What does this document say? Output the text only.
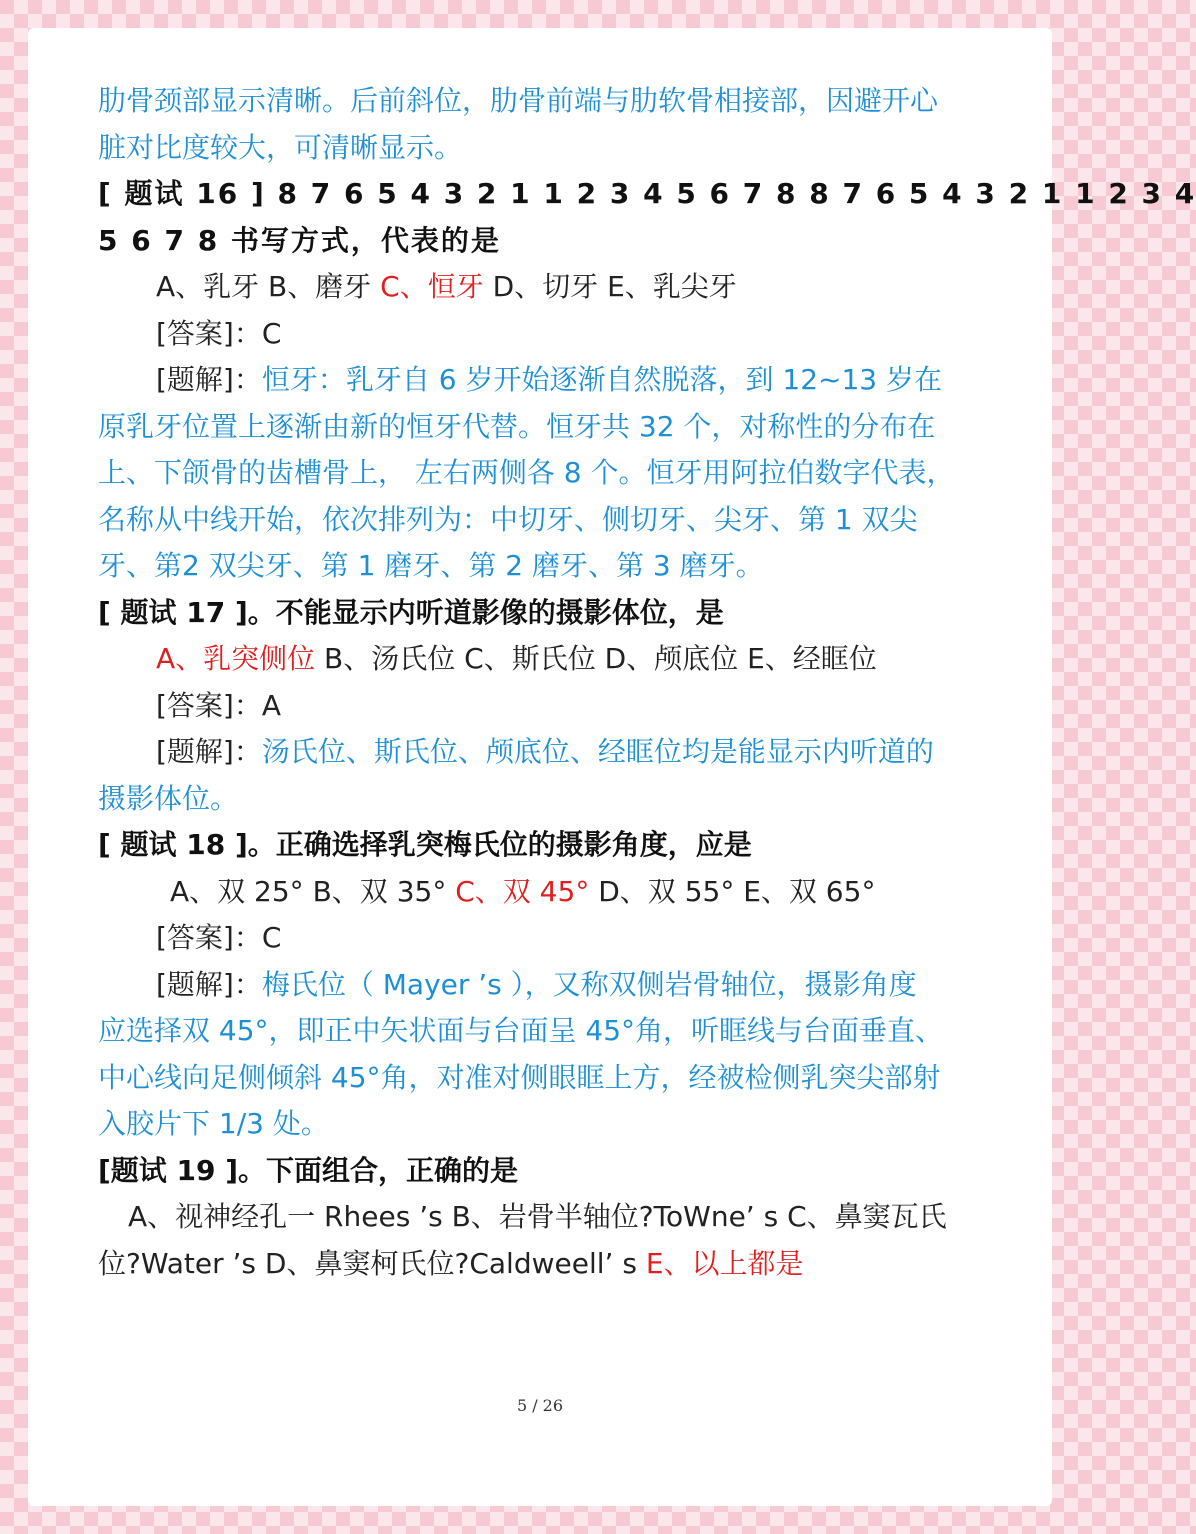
肋骨颈部显示清晰。后前斜位，肋骨前端与肋软骨相接部，因避开心
脏对比度较大，可清晰显示。
[ 题试 16 ] 8 7 6 5 4 3 2 1 1 2 3 4 5 6 7 8 8 7 6 5 4 3 2 1 1 2 3 4
5 6 7 8 书写方式，代表的是
A、乳牙 B、磨牙 C、恒牙 D、切牙 E、乳尖牙
[答案]：C
[题解]：恒牙：乳牙自 6 岁开始逐渐自然脱落，到 12~13 岁在
原乳牙位置上逐渐由新的恒牙代替。恒牙共 32 个，对称性的分布在
上、下颌骨的齿槽骨上， 左右两侧各 8 个。恒牙用阿拉伯数字代表，
名称从中线开始，依次排列为：中切牙、侧切牙、尖牙、第 1 双尖
牙、第2 双尖牙、第 1 磨牙、第 2 磨牙、第 3 磨牙。
[ 题试 17 ]。不能显示内听道影像的摄影体位，是
A、乳突侧位 B、汤氏位 C、斯氏位 D、颅底位 E、经眶位
[答案]：A
[题解]：汤氏位、斯氏位、颅底位、经眶位均是能显示内听道的
摄影体位。
[ 题试 18 ]。正确选择乳突梅氏位的摄影角度，应是
A、双 25° B、双 35° C、双 45° D、双 55° E、双 65°
[答案]：C
[题解]：梅氏位（ Mayer ’s ），又称双侧岩骨轴位，摄影角度
应选择双 45°，即正中矢状面与台面呈 45°角，听眶线与台面垂直、
中心线向足侧倾斜 45°角，对准对侧眼眶上方，经被检侧乳突尖部射
入胶片下 1/3 处。
[题试 19 ]。下面组合，正确的是
A、视神经孔一 Rhees ’s B、岩骨半轴位?ToWne’ s C、鼻窦瓦氏
位?Water ’s D、鼻窦柯氏位?Caldweell’ s E、以上都是
5 / 26
